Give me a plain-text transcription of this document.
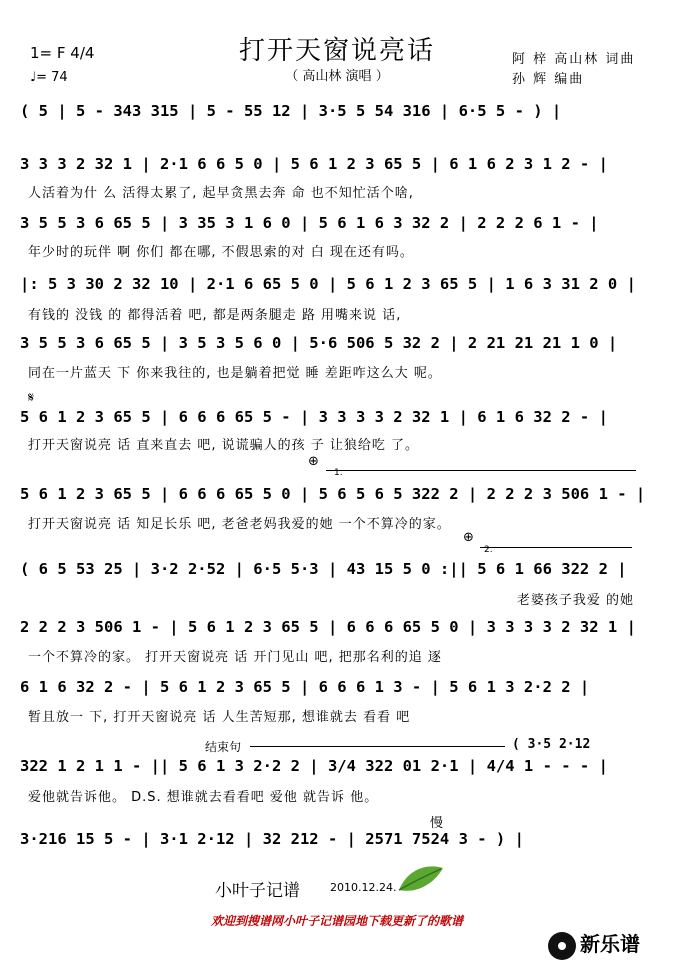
打开天窗说亮话
（ 高山林 演唱 ）
1= F 4/4
♩= 74
阿 梓 高山林 词曲
孙 辉 编曲
( 5 | 5 - 343 315 | 5 - 55 12 | 3·5 5 54 316 | 6·5 5 - ) |
3 3 3 2 32 1 | 2·1 6 6 5 0 | 5 6 1 2 3 65 5 | 6 1 6 2 3 1 2 - |
人活着为什 么 活得太累了, 起早贪黑去奔 命 也不知忙活个啥,
3 5 5 3 6 65 5 | 3 35 3 1 6 0 | 5 6 1 6 3 32 2 | 2 2 2 6 1 - |
年少时的玩伴 啊 你们 都在哪, 不假思索的对 白 现在还有吗。
|: 5 3 30 2 32 10 | 2·1 6 65 5 0 | 5 6 1 2 3 65 5 | 1 6 3 31 2 0 |
有钱的 没钱 的 都得活着 吧, 都是两条腿走 路 用嘴来说 话,
3 5 5 3 6 65 5 | 3 5 3 5 6 0 | 5·6 506 5 32 2 | 2 21 21 21 1 0 |
同在一片蓝天 下 你来我往的, 也是躺着把觉 睡 差距咋这么大 呢。
𝄋
5 6 1 2 3 65 5 | 6 6 6 65 5 - | 3 3 3 3 2 32 1 | 6 1 6 32 2 - |
打开天窗说亮 话 直来直去 吧, 说谎骗人的孩 子 让狼给吃 了。
⊕
1.
5 6 1 2 3 65 5 | 6 6 6 65 5 0 | 5 6 5 6 5 322 2 | 2 2 2 3 506 1 - |
打开天窗说亮 话 知足长乐 吧, 老爸老妈我爱的她 一个不算冷的家。
⊕
2.
( 6 5 53 25 | 3·2 2·52 | 6·5 5·3 | 43 15 5 0 :|| 5 6 1 66 322 2 |
老婆孩子我爱 的她
2 2 2 3 506 1 - | 5 6 1 2 3 65 5 | 6 6 6 65 5 0 | 3 3 3 3 2 32 1 |
一个不算冷的家。 打开天窗说亮 话 开门见山 吧, 把那名利的追 逐
6 1 6 32 2 - | 5 6 1 2 3 65 5 | 6 6 6 1 3 - | 5 6 1 3 2·2 2 |
暂且放一 下, 打开天窗说亮 话 人生苦短那, 想谁就去 看看 吧
结束句	( 3·5 2·12
322 1 2 1 1 - || 5 6 1 3 2·2 2 | 3/4 322 01 2·1 | 4/4 1 - - - |
爱他就告诉他。 D.S. 想谁就去看看吧 爱他 就告诉 他。
慢
3·216 15 5 - | 3·1 2·12 | 32 212 - | 2571 7524 3 - ) |
小叶子记谱	2010.12.24.
欢迎到搜谱网小叶子记谱园地下载更新了的歌谱
新乐谱
